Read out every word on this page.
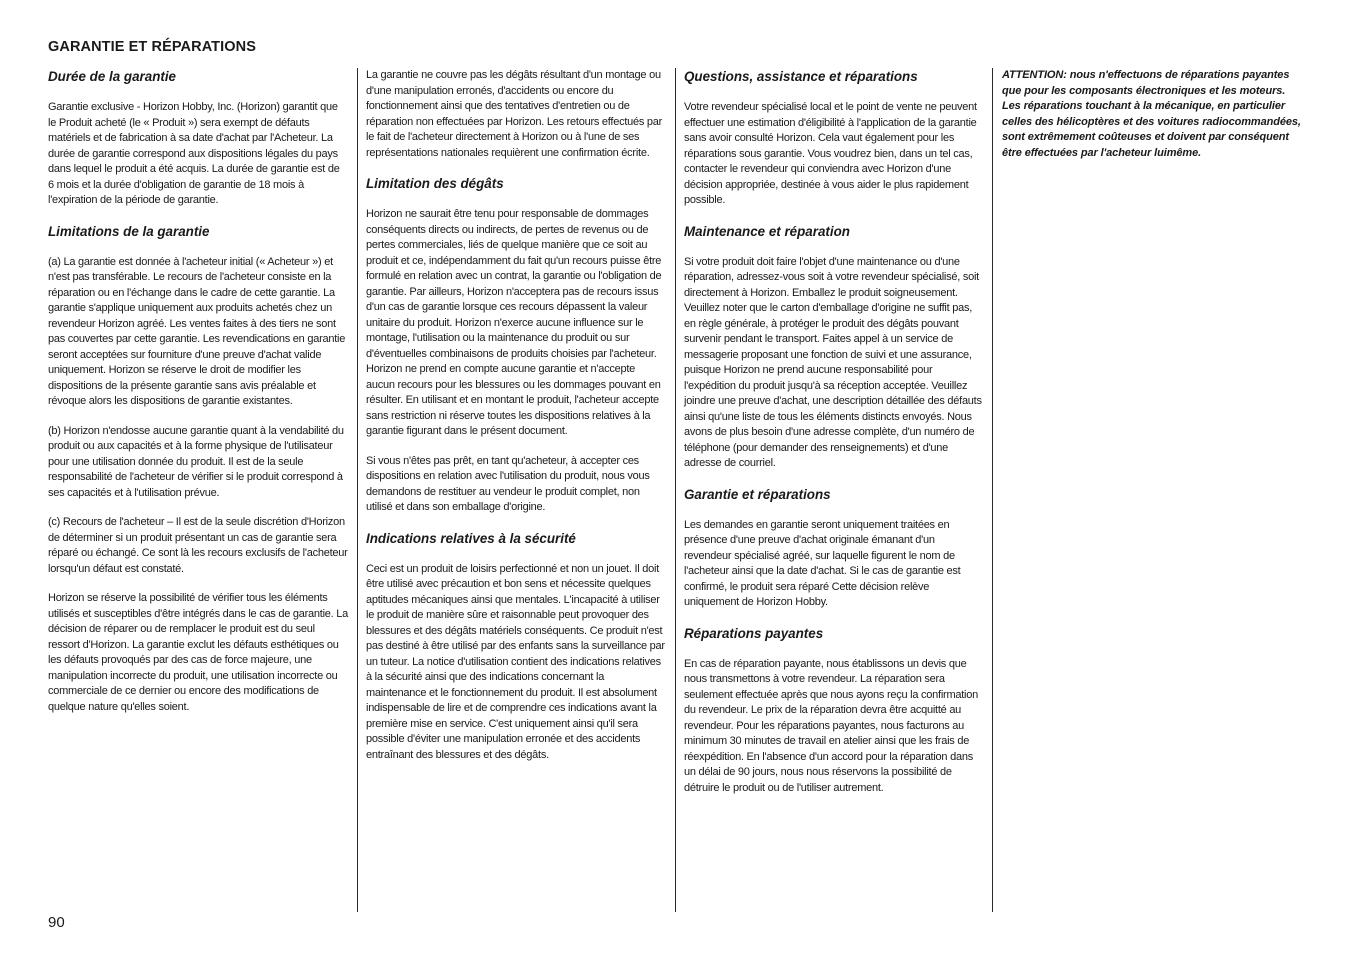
GARANTIE ET RÉPARATIONS
Durée de la garantie

Garantie exclusive - Horizon Hobby, Inc. (Horizon) garantit que le Produit acheté (le « Produit ») sera exempt de défauts matériels et de fabrication à sa date d'achat par l'Acheteur. La durée de garantie correspond aux dispositions légales du pays dans lequel le produit a été acquis. La durée de garantie est de 6 mois et la durée d'obligation de garantie de 18 mois à l'expiration de la période de garantie.

Limitations de la garantie

(a) La garantie est donnée à l'acheteur initial (« Acheteur ») et n'est pas transférable. Le recours de l'acheteur consiste en la réparation ou en l'échange dans le cadre de cette garantie. La garantie s'applique uniquement aux produits achetés chez un revendeur Horizon agréé. Les ventes faites à des tiers ne sont pas couvertes par cette garantie. Les revendications en garantie seront acceptées sur fourniture d'une preuve d'achat valide uniquement. Horizon se réserve le droit de modifier les dispositions de la présente garantie sans avis préalable et révoque alors les dispositions de garantie existantes.

(b) Horizon n'endosse aucune garantie quant à la vendabilité du produit ou aux capacités et à la forme physique de l'utilisateur pour une utilisation donnée du produit. Il est de la seule responsabilité de l'acheteur de vérifier si le produit correspond à ses capacités et à l'utilisation prévue.

(c) Recours de l'acheteur – Il est de la seule discrétion d'Horizon de déterminer si un produit présentant un cas de garantie sera réparé ou échangé. Ce sont là les recours exclusifs de l'acheteur lorsqu'un défaut est constaté.

Horizon se réserve la possibilité de vérifier tous les éléments utilisés et susceptibles d'être intégrés dans le cas de garantie. La décision de réparer ou de remplacer le produit est du seul ressort d'Horizon. La garantie exclut les défauts esthétiques ou les défauts provoqués par des cas de force majeure, une manipulation incorrecte du produit, une utilisation incorrecte ou commerciale de ce dernier ou encore des modifications de quelque nature qu'elles soient.

La garantie ne couvre pas les dégâts résultant d'un montage ou d'une manipulation erronés, d'accidents ou encore du fonctionnement ainsi que des tentatives d'entretien ou de réparation non effectuées par Horizon. Les retours effectués par le fait de l'acheteur directement à Horizon ou à l'une de ses représentations nationales requièrent une confirmation écrite.

Limitation des dégâts

Horizon ne saurait être tenu pour responsable de dommages conséquents directs ou indirects, de pertes de revenus ou de pertes commerciales, liés de quelque manière que ce soit au produit et ce, indépendamment du fait qu'un recours puisse être formulé en relation avec un contrat, la garantie ou l'obligation de garantie. Par ailleurs, Horizon n'acceptera pas de recours issus d'un cas de garantie lorsque ces recours dépassent la valeur unitaire du produit. Horizon n'exerce aucune influence sur le montage, l'utilisation ou la maintenance du produit ou sur d'éventuelles combinaisons de produits choisies par l'acheteur. Horizon ne prend en compte aucune garantie et n'accepte aucun recours pour les blessures ou les dommages pouvant en résulter. En utilisant et en montant le produit, l'acheteur accepte sans restriction ni réserve toutes les dispositions relatives à la garantie figurant dans le présent document.

Si vous n'êtes pas prêt, en tant qu'acheteur, à accepter ces dispositions en relation avec l'utilisation du produit, nous vous demandons de restituer au vendeur le produit complet, non utilisé et dans son emballage d'origine.

Indications relatives à la sécurité

Ceci est un produit de loisirs perfectionné et non un jouet. Il doit être utilisé avec précaution et bon sens et nécessite quelques aptitudes mécaniques ainsi que mentales. L'incapacité à utiliser le produit de manière sûre et raisonnable peut provoquer des blessures et des dégâts matériels conséquents. Ce produit n'est pas destiné à être utilisé par des enfants sans la surveillance par un tuteur. La notice d'utilisation contient des indications relatives à la sécurité ainsi que des indications concernant la maintenance et le fonctionnement du produit. Il est absolument indispensable de lire et de comprendre ces indications avant la première mise en service. C'est uniquement ainsi qu'il sera possible d'éviter une manipulation erronée et des accidents entraînant des blessures et des dégâts.

Questions, assistance et réparations

Votre revendeur spécialisé local et le point de vente ne peuvent effectuer une estimation d'éligibilité à l'application de la garantie sans avoir consulté Horizon. Cela vaut également pour les réparations sous garantie. Vous voudrez bien, dans un tel cas, contacter le revendeur qui conviendra avec Horizon d'une décision appropriée, destinée à vous aider le plus rapidement possible.

Maintenance et réparation

Si votre produit doit faire l'objet d'une maintenance ou d'une réparation, adressez-vous soit à votre revendeur spécialisé, soit directement à Horizon. Emballez le produit soigneusement. Veuillez noter que le carton d'emballage d'origine ne suffit pas, en règle générale, à protéger le produit des dégâts pouvant survenir pendant le transport. Faites appel à un service de messagerie proposant une fonction de suivi et une assurance, puisque Horizon ne prend aucune responsabilité pour l'expédition du produit jusqu'à sa réception acceptée. Veuillez joindre une preuve d'achat, une description détaillée des défauts ainsi qu'une liste de tous les éléments distincts envoyés. Nous avons de plus besoin d'une adresse complète, d'un numéro de téléphone (pour demander des renseignements) et d'une adresse de courriel.

Garantie et réparations

Les demandes en garantie seront uniquement traitées en présence d'une preuve d'achat originale émanant d'un revendeur spécialisé agréé, sur laquelle figurent le nom de l'acheteur ainsi que la date d'achat. Si le cas de garantie est confirmé, le produit sera réparé Cette décision relève uniquement de Horizon Hobby.

Réparations payantes

En cas de réparation payante, nous établissons un devis que nous transmettons à votre revendeur. La réparation sera seulement effectuée après que nous ayons reçu la confirmation du revendeur. Le prix de la réparation devra être acquitté au revendeur. Pour les réparations payantes, nous facturons au minimum 30 minutes de travail en atelier ainsi que les frais de réexpédition. En l'absence d'un accord pour la réparation dans un délai de 90 jours, nous nous réservons la possibilité de détruire le produit ou de l'utiliser autrement.

ATTENTION: nous n'effectuons de réparations payantes que pour les composants électroniques et les moteurs. Les réparations touchant à la mécanique, en particulier celles des hélicoptères et des voitures radiocommandées, sont extrêmement coûteuses et doivent par conséquent être effectuées par l'acheteur luimême.

90
